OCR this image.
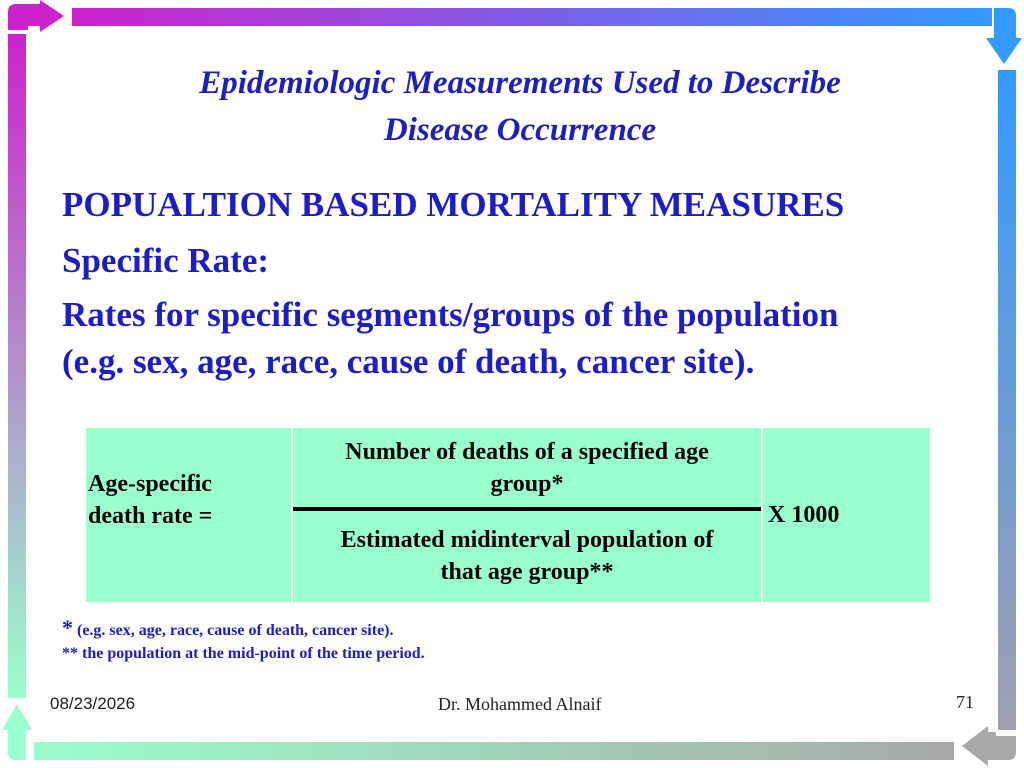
Epidemiologic Measurements Used to Describe
Disease Occurrence
POPUALTION BASED MORTALITY MEASURES
Specific Rate:
Rates for specific segments/groups of the population
(e.g. sex, age, race, cause of death, cancer site).
Age-specific
death rate =
Number of deaths of a specified age
group*
Estimated midinterval population of
that age group**
X 1000
* (e.g. sex, age, race, cause of death, cancer site).
** the population at the mid-point of the time period.
08/23/2026	Dr. Mohammed Alnaif	71
